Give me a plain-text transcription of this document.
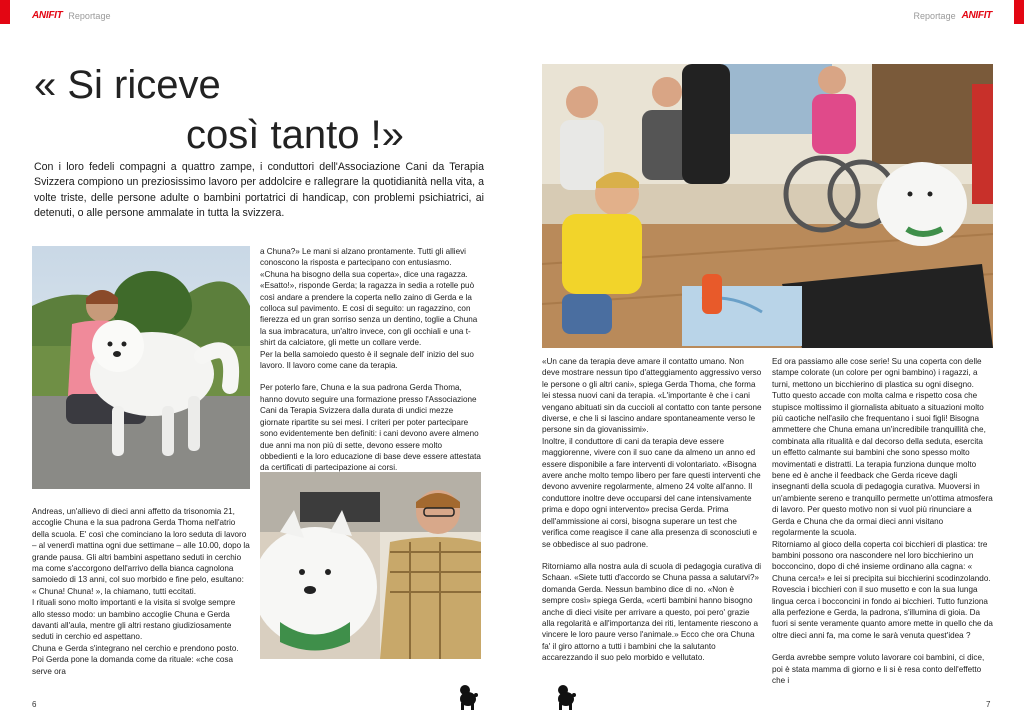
ANIFIT Reportage
« Si riceve
così tanto !»

Con i loro fedeli compagni a quattro zampe, i conduttori dell'Associazione Cani da Terapia Svizzera compiono un preziosissimo lavoro per addolcire e rallegrare la quotidianità nella vita, a volte triste, delle persone adulte o bambini portatrici di handicap, con problemi psichiatrici, ai detenuti, o alle persone ammalate in tutta la svizzera.

Andreas, un'allievo di dieci anni affetto da trisonomia 21, accoglie Chuna e la sua padrona Gerda Thoma nell'atrio della scuola. E' così che cominciano la loro seduta di lavoro – al venerdì mattina ogni due settimane – alle 10.00, dopo la grande pausa. Gli altri bambini aspettano seduti in cerchio ma come s'accorgono dell'arrivo della bianca cagnolona samoiedo di 13 anni, col suo morbido e fine pelo, esultano: « Chuna! Chuna! », la chiamano, tutti eccitati.

I rituali sono molto importanti e la visita si svolge sempre allo stesso modo: un bambino accoglie Chuna e Gerda davanti all'aula, mentre gli altri restano giudiziosamente seduti in cerchio ed aspettano.
Chuna e Gerda s'integrano nel cerchio e prendono posto. Poi Gerda pone la domanda come da rituale: «che cosa serve ora

a Chuna?» Le mani si alzano prontamente. Tutti gli allievi conoscono la risposta e partecipano con entusiasmo. «Chuna ha bisogno della sua coperta», dice una ragazza. «Esatto!», risponde Gerda; la ragazza in sedia a rotelle può così andare a prendere la coperta nello zaino di Gerda e la colloca sul pavimento. E così di seguito: un ragazzino, con fierezza ed un gran sorriso senza un dentino, toglie a Chuna la sua imbracatura, un'altro invece, con gli occhiali e una t-shirt da calciatore, gli mette un collare verde.
Per la bella samoiedo questo è il segnale dell' inizio del suo lavoro. Il lavoro come cane da terapia.

Per poterlo fare, Chuna e la sua padrona Gerda Thoma, hanno dovuto seguire una formazione presso l'Associazione Cani da Terapia Svizzera dalla durata di undici mezze giornate ripartite su sei mesi. I criteri per poter partecipare sono evidentemente ben definiti: i cani devono avere almeno due anni ma non più di sette, devono essere molto obbedienti e la loro educazione di base deve essere attestata da certificati di partecipazione ai corsi.

6
Reportage ANIFIT

«Un cane da terapia deve amare il contatto umano. Non deve mostrare nessun tipo d'atteggiamento aggressivo verso le persone o gli altri cani», spiega Gerda Thoma, che forma lei stessa nuovi cani da terapia. «L'importante è che i cani vengano abituati sin da cuccioli al contatto con tante persone diverse, e che li si lascino andare spontaneamente verso le persone sin da giovanissimi».
Inoltre, il conduttore di cani da terapia deve essere maggiorenne, vivere con il suo cane da almeno un anno ed essere disponibile a fare interventi di volontariato. «Bisogna avere anche molto tempo libero per fare questi interventi che devono avvenire regolarmente, almeno 24 volte all'anno. Il conduttore inoltre deve occuparsi del cane intensivamente prima e dopo ogni intervento» precisa Gerda. Prima dell'ammissione ai corsi, bisogna superare un test che verifica come reagisce il cane alla presenza di sconosciuti e se obbedisce al suo padrone.

Ritorniamo alla nostra aula di scuola di pedagogia curativa di Schaan. «Siete tutti d'accordo se Chuna passa a salutarvi?» domanda Gerda. Nessun bambino dice di no. «Non è sempre così» spiega Gerda, «certi bambini hanno bisogno anche di dieci visite per arrivare a questo, poi pero' grazie alla regolarità e all'importanza dei riti, lentamente riescono a vincere le loro paure verso l'animale.» Ecco che ora Chuna fa' il giro attorno a tutti i bambini che la salutanto accarezzando il suo pelo morbido e vellutato.

Ed ora passiamo alle cose serie! Su una coperta con delle stampe colorate (un colore per ogni bambino) i ragazzi, a turni, mettono un bicchierino di plastica su ogni disegno. Tutto questo accade con molta calma e rispetto cosa che stupisce moltissimo il giornalista abituato a situazioni molto più caotiche nell'asilo che frequentano i suoi figli! Bisogna ammettere che Chuna emana un'incredibile tranquillità che, combinata alla ritualità e dal decorso della seduta, esercita un effetto calmante sui bambini che sono spesso molto movimentati e distratti. La terapia funziona dunque molto bene ed è anche il feedback che Gerda riceve dagli insegnanti della scuola di pedagogia curativa. Muoversi in un'ambiente sereno e tranquillo permette un'ottima atmosfera di lavoro. Per questo motivo non si vuol più rinunciare a Gerda e Chuna che da ormai dieci anni visitano regolarmente la scuola.
Ritorniamo al gioco della coperta coi bicchieri di plastica: tre bambini possono ora nascondere nel loro bicchierino un bocconcino, dopo di ché insieme ordinano alla cagna: « Chuna cerca!» e lei si precipita sui bicchierini scodinzolando. Rovescia i bicchieri con il suo musetto e con la sua lunga lingua cerca i bocconcini in fondo ai bicchieri. Tutto funziona alla perfezione e Gerda, la padrona, s'illumina di gioia. Da fuori si sente veramente quanto amore mette in quello che da oltre dieci anni fa, ma come le sarà venuta quest'idea ?

Gerda avrebbe sempre voluto lavorare coi bambini, ci dice, poi è stata mamma di giorno e li si è resa conto dell'effetto che i

7
